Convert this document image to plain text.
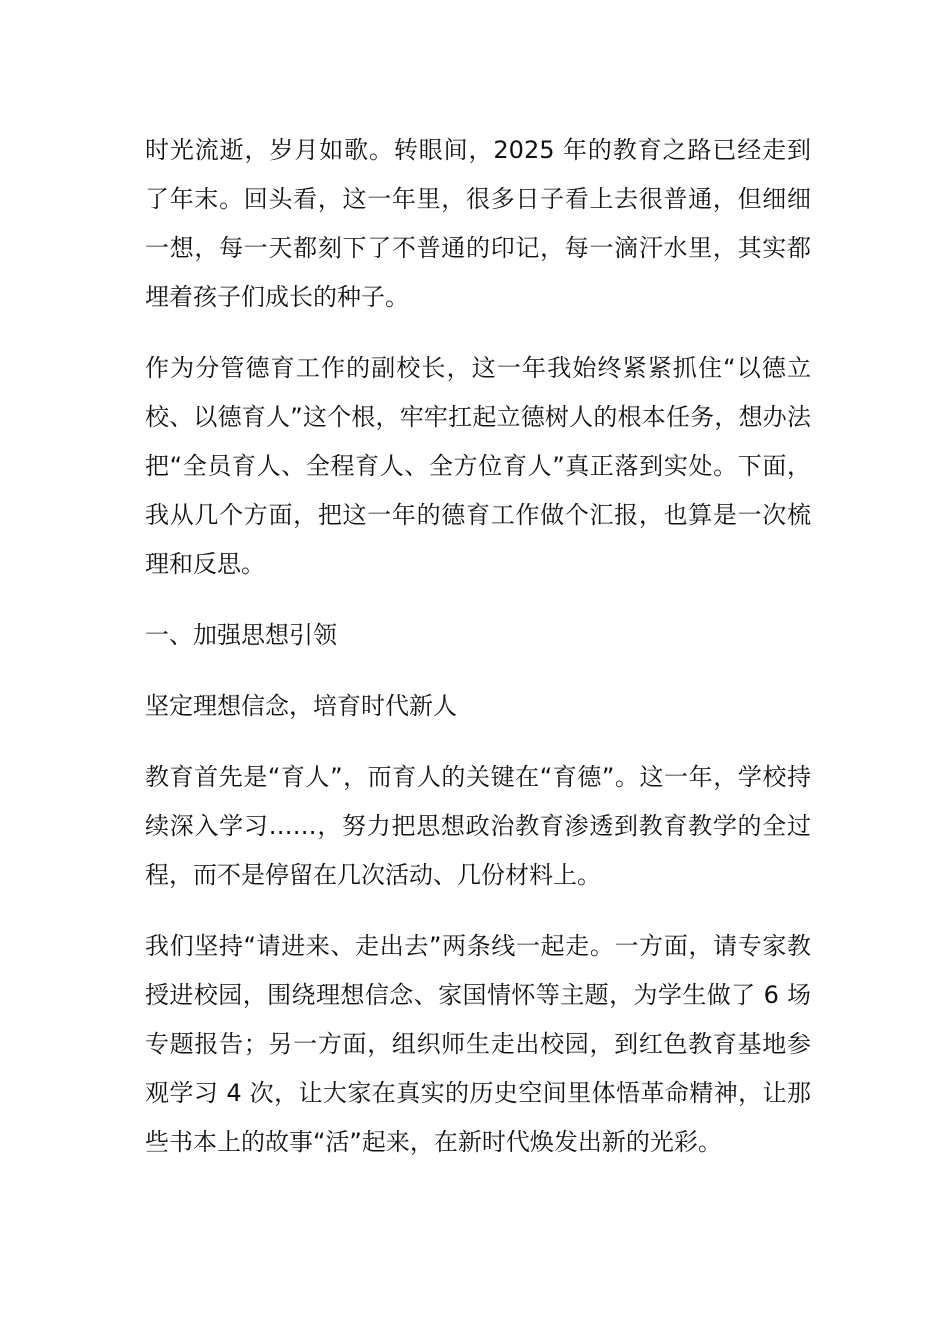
时光流逝，岁月如歌。转眼间，2025 年的教育之路已经走到了年末。回头看，这一年里，很多日子看上去很普通，但细细一想，每一天都刻下了不普通的印记，每一滴汗水里，其实都埋着孩子们成长的种子。

作为分管德育工作的副校长，这一年我始终紧紧抓住“以德立校、以德育人”这个根，牢牢扛起立德树人的根本任务，想办法把“全员育人、全程育人、全方位育人”真正落到实处。下面，我从几个方面，把这一年的德育工作做个汇报，也算是一次梳理和反思。

一、加强思想引领

坚定理想信念，培育时代新人

教育首先是“育人”，而育人的关键在“育德”。这一年，学校持续深入学习……，努力把思想政治教育渗透到教育教学的全过程，而不是停留在几次活动、几份材料上。

我们坚持“请进来、走出去”两条线一起走。一方面，请专家教授进校园，围绕理想信念、家国情怀等主题，为学生做了 6 场专题报告；另一方面，组织师生走出校园，到红色教育基地参观学习 4 次，让大家在真实的历史空间里体悟革命精神，让那些书本上的故事“活”起来，在新时代焕发出新的光彩。
